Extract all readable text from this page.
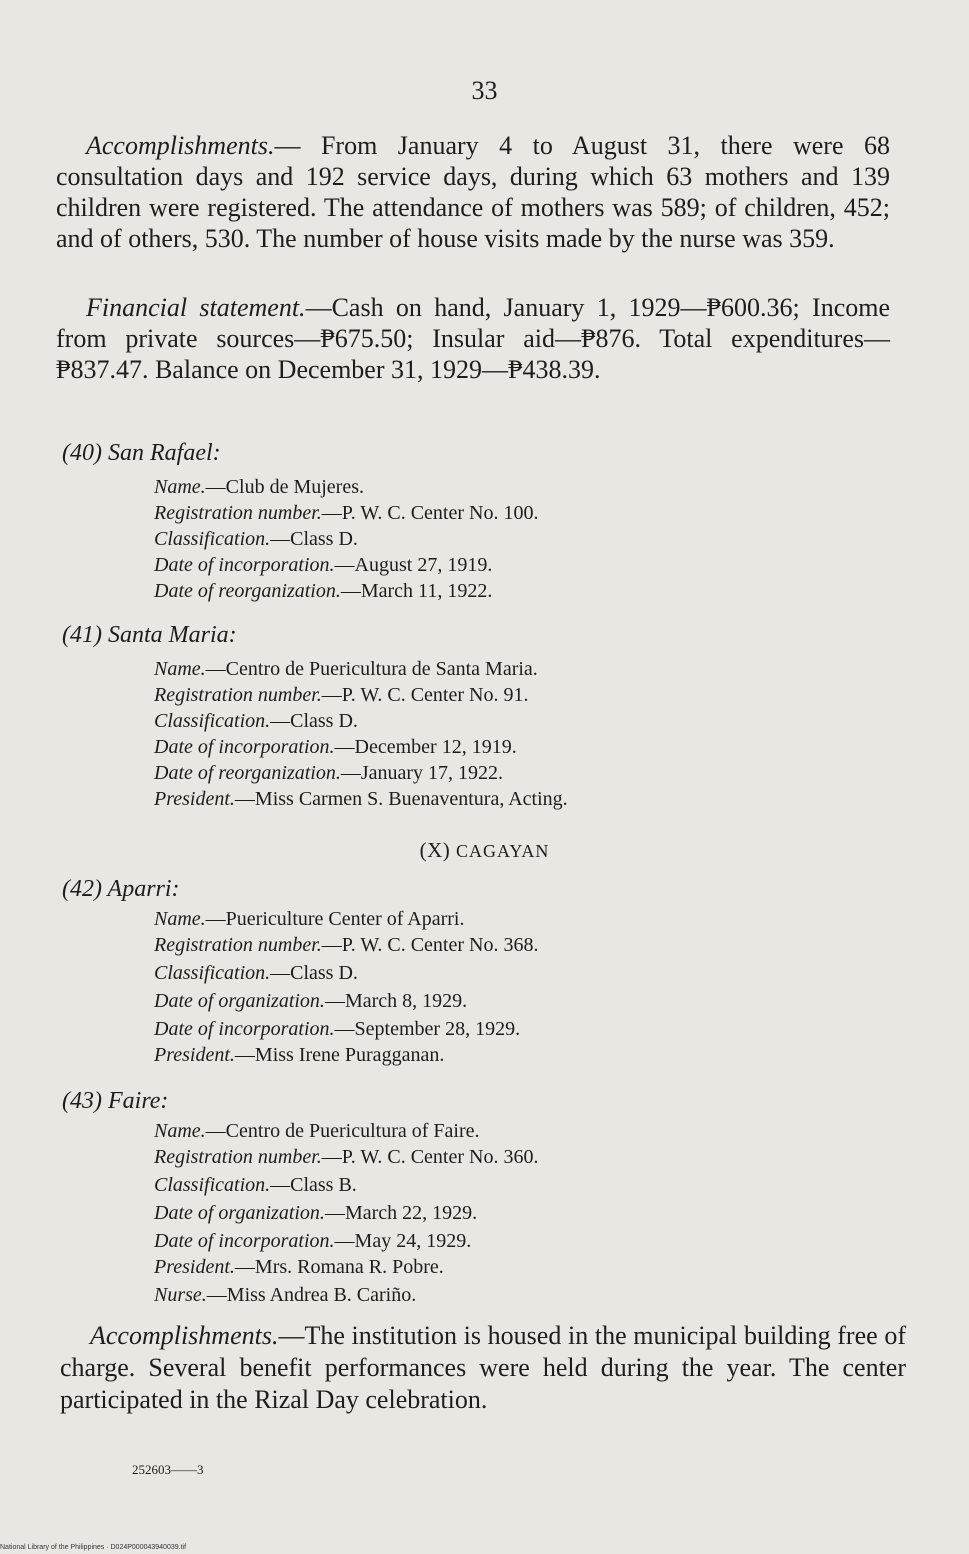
33

Accomplishments.— From January 4 to August 31, there were 68 consultation days and 192 service days, during which 63 mothers and 139 children were registered. The attendance of mothers was 589; of children, 452; and of others, 530. The number of house visits made by the nurse was 359.

Financial statement.—Cash on hand, January 1, 1929—₱600.36; Income from private sources—₱675.50; Insular aid—₱876. Total expenditures—₱837.47. Balance on December 31, 1929—₱438.39.

(40) San Rafael:

Name.—Club de Mujeres.

Registration number.—P. W. C. Center No. 100.

Classification.—Class D.

Date of incorporation.—August 27, 1919.

Date of reorganization.—March 11, 1922.

(41) Santa Maria:

Name.—Centro de Puericultura de Santa Maria.

Registration number.—P. W. C. Center No. 91.

Classification.—Class D.

Date of incorporation.—December 12, 1919.

Date of reorganization.—January 17, 1922.

President.—Miss Carmen S. Buenaventura, Acting.

(X) CAGAYAN

(42) Aparri:

Name.—Puericulture Center of Aparri.

Registration number.—P. W. C. Center No. 368.

Classification.—Class D.

Date of organization.—March 8, 1929.

Date of incorporation.—September 28, 1929.

President.—Miss Irene Puragganan.

(43) Faire:

Name.—Centro de Puericultura of Faire.

Registration number.—P. W. C. Center No. 360.

Classification.—Class B.

Date of organization.—March 22, 1929.

Date of incorporation.—May 24, 1929.

President.—Mrs. Romana R. Pobre.

Nurse.—Miss Andrea B. Cariño.

Accomplishments.—The institution is housed in the municipal building free of charge. Several benefit performances were held during the year. The center participated in the Rizal Day celebration.

252603——3
National Library of the Philippines · D024P000043940039.tif
